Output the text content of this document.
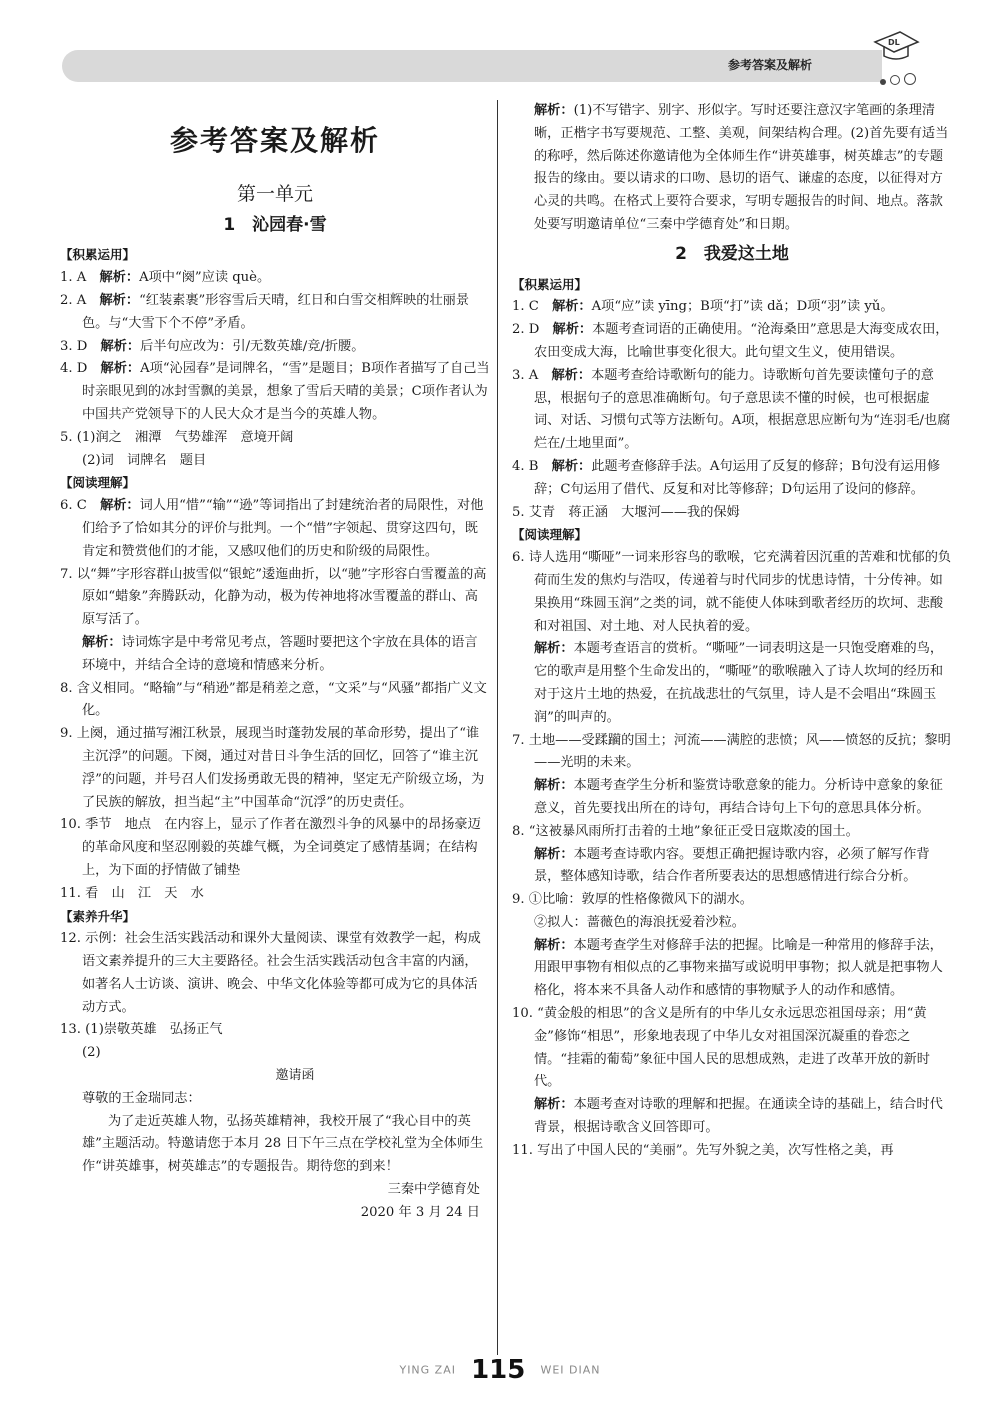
参考答案及解析
DL
参考答案及解析
第一单元
1　沁园春·雪
【积累运用】

1. A　解析：A项中“阕”应读 què。

2. A　解析：“红装素裹”形容雪后天晴，红日和白雪交相辉映的壮丽景色。与“大雪下个不停”矛盾。

3. D　解析：后半句应改为：引/无数英雄/竞/折腰。

4. D　解析：A项“沁园春”是词牌名，“雪”是题目；B项作者描写了自己当时亲眼见到的冰封雪飘的美景，想象了雪后天晴的美景；C项作者认为中国共产党领导下的人民大众才是当今的英雄人物。

5. (1)润之　湘潭　气势雄浑　意境开阔

(2)词　词牌名　题目

【阅读理解】

6. C　解析：词人用“惜”“输”“逊”等词指出了封建统治者的局限性，对他们给予了恰如其分的评价与批判。一个“惜”字领起、贯穿这四句，既肯定和赞赏他们的才能，又感叹他们的历史和阶级的局限性。

7. 以“舞”字形容群山披雪似“银蛇”逶迤曲折，以“驰”字形容白雪覆盖的高原如“蜡象”奔腾跃动，化静为动，极为传神地将冰雪覆盖的群山、高原写活了。

解析：诗词炼字是中考常见考点，答题时要把这个字放在具体的语言环境中，并结合全诗的意境和情感来分析。

8. 含义相同。“略输”与“稍逊”都是稍差之意，“文采”与“风骚”都指广义文化。

9. 上阕，通过描写湘江秋景，展现当时蓬勃发展的革命形势，提出了“谁主沉浮”的问题。下阕，通过对昔日斗争生活的回忆，回答了“谁主沉浮”的问题，并号召人们发扬勇敢无畏的精神，坚定无产阶级立场，为了民族的解放，担当起“主”中国革命“沉浮”的历史责任。

10. 季节　地点　在内容上，显示了作者在激烈斗争的风暴中的昂扬豪迈的革命风度和坚忍刚毅的英雄气概，为全词奠定了感情基调；在结构上，为下面的抒情做了铺垫

11. 看　山　江　天　水

【素养升华】

12. 示例：社会生活实践活动和课外大量阅读、课堂有效教学一起，构成语文素养提升的三大主要路径。社会生活实践活动包含丰富的内涵，如著名人士访谈、演讲、晚会、中华文化体验等都可成为它的具体活动方式。

13. (1)崇敬英雄　弘扬正气

(2)

邀请函

尊敬的王金瑞同志：

为了走近英雄人物，弘扬英雄精神，我校开展了“我心目中的英雄”主题活动。特邀请您于本月 28 日下午三点在学校礼堂为全体师生作“讲英雄事，树英雄志”的专题报告。期待您的到来！

三秦中学德育处

2020 年 3 月 24 日

解析：(1)不写错字、别字、形似字。写时还要注意汉字笔画的条理清晰，正楷字书写要规范、工整、美观，间架结构合理。(2)首先要有适当的称呼，然后陈述你邀请他为全体师生作“讲英雄事，树英雄志”的专题报告的缘由。要以请求的口吻、恳切的语气、谦虚的态度，以征得对方心灵的共鸣。在格式上要符合要求，写明专题报告的时间、地点。落款处要写明邀请单位“三秦中学德育处”和日期。

2　我爱这土地
【积累运用】

1. C　解析：A项“应”读 yīng；B项“打”读 dǎ；D项“羽”读 yǔ。

2. D　解析：本题考查词语的正确使用。“沧海桑田”意思是大海变成农田，农田变成大海，比喻世事变化很大。此句望文生义，使用错误。

3. A　解析：本题考查给诗歌断句的能力。诗歌断句首先要读懂句子的意思，根据句子的意思准确断句。句子意思读不懂的时候，也可根据虚词、对话、习惯句式等方法断句。A项，根据意思应断句为“连羽毛/也腐烂在/土地里面”。

4. B　解析：此题考查修辞手法。A句运用了反复的修辞；B句没有运用修辞；C句运用了借代、反复和对比等修辞；D句运用了设问的修辞。

5. 艾青　蒋正涵　大堰河——我的保姆

【阅读理解】

6. 诗人选用“嘶哑”一词来形容鸟的歌喉，它充满着因沉重的苦难和忧郁的负荷而生发的焦灼与浩叹，传递着与时代同步的忧患诗情，十分传神。如果换用“珠圆玉润”之类的词，就不能使人体味到歌者经历的坎坷、悲酸和对祖国、对土地、对人民执着的爱。

解析：本题考查语言的赏析。“嘶哑”一词表明这是一只饱受磨难的鸟，它的歌声是用整个生命发出的，“嘶哑”的歌喉融入了诗人坎坷的经历和对于这片土地的热爱，在抗战悲壮的气氛里，诗人是不会唱出“珠圆玉润”的叫声的。

7. 土地——受蹂躏的国土；河流——满腔的悲愤；风——愤怒的反抗；黎明——光明的未来。

解析：本题考查学生分析和鉴赏诗歌意象的能力。分析诗中意象的象征意义，首先要找出所在的诗句，再结合诗句上下句的意思具体分析。

8. “这被暴风雨所打击着的土地”象征正受日寇欺凌的国土。

解析：本题考查诗歌内容。要想正确把握诗歌内容，必须了解写作背景，整体感知诗歌，结合作者所要表达的思想感情进行综合分析。

9. ①比喻：敦厚的性格像微风下的湖水。

②拟人：蔷薇色的海浪抚爱着沙粒。

解析：本题考查学生对修辞手法的把握。比喻是一种常用的修辞手法，用跟甲事物有相似点的乙事物来描写或说明甲事物；拟人就是把事物人格化，将本来不具备人动作和感情的事物赋予人的动作和感情。

10. “黄金般的相思”的含义是所有的中华儿女永远思恋祖国母亲；用“黄金”修饰“相思”，形象地表现了中华儿女对祖国深沉凝重的眷恋之情。“挂霜的葡萄”象征中国人民的思想成熟，走进了改革开放的新时代。

解析：本题考查对诗歌的理解和把握。在通读全诗的基础上，结合时代背景，根据诗歌含义回答即可。

11. 写出了中国人民的“美丽”。先写外貌之美，次写性格之美，再

YING ZAI 115 WEI DIAN
